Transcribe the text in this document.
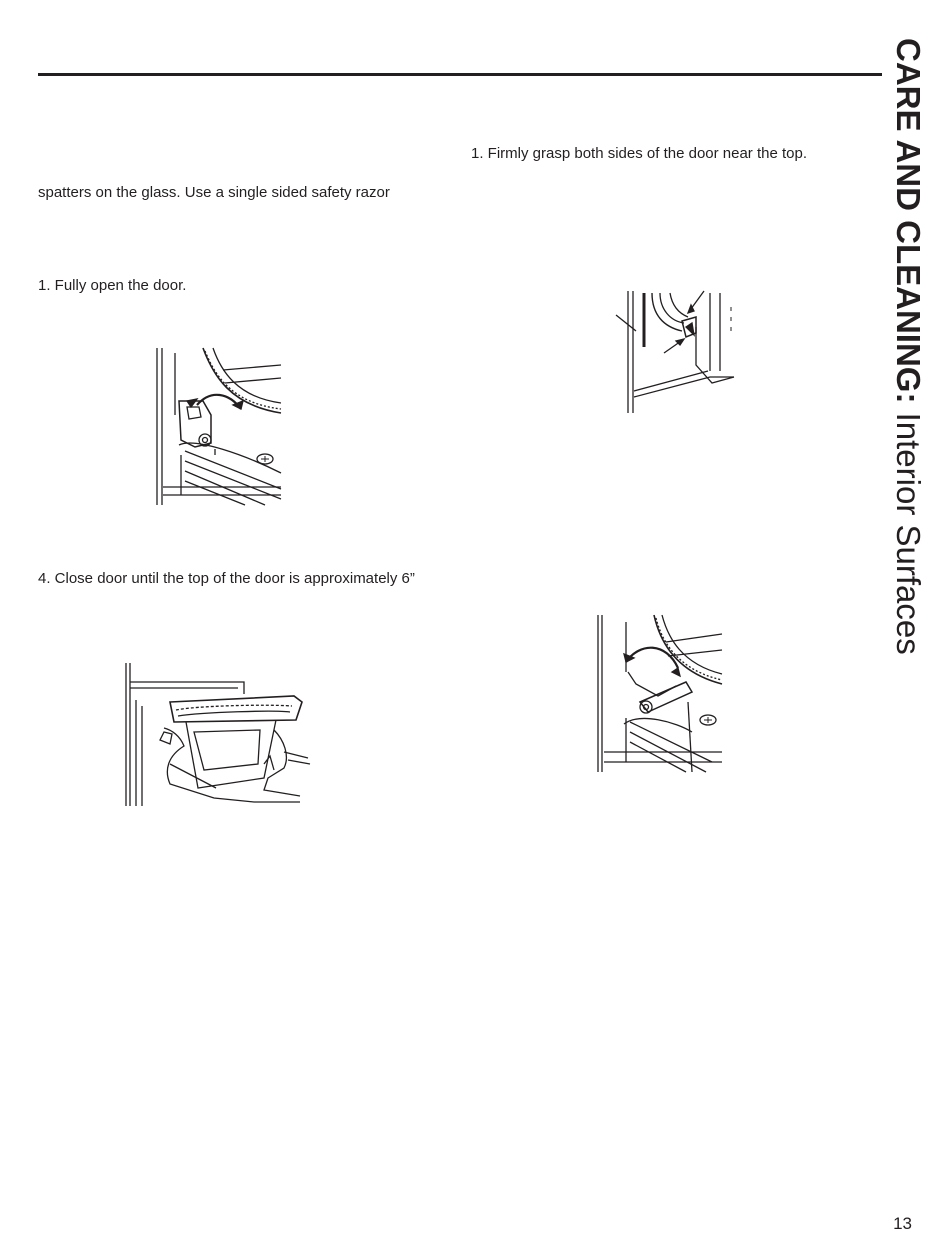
CARE AND CLEANING: Interior Surfaces
spatters on the glass. Use a single sided safety razor
1. Fully open the door.
4. Close door until the top of the door is approximately 6”
1. Firmly grasp both sides of the door near the top.
13
